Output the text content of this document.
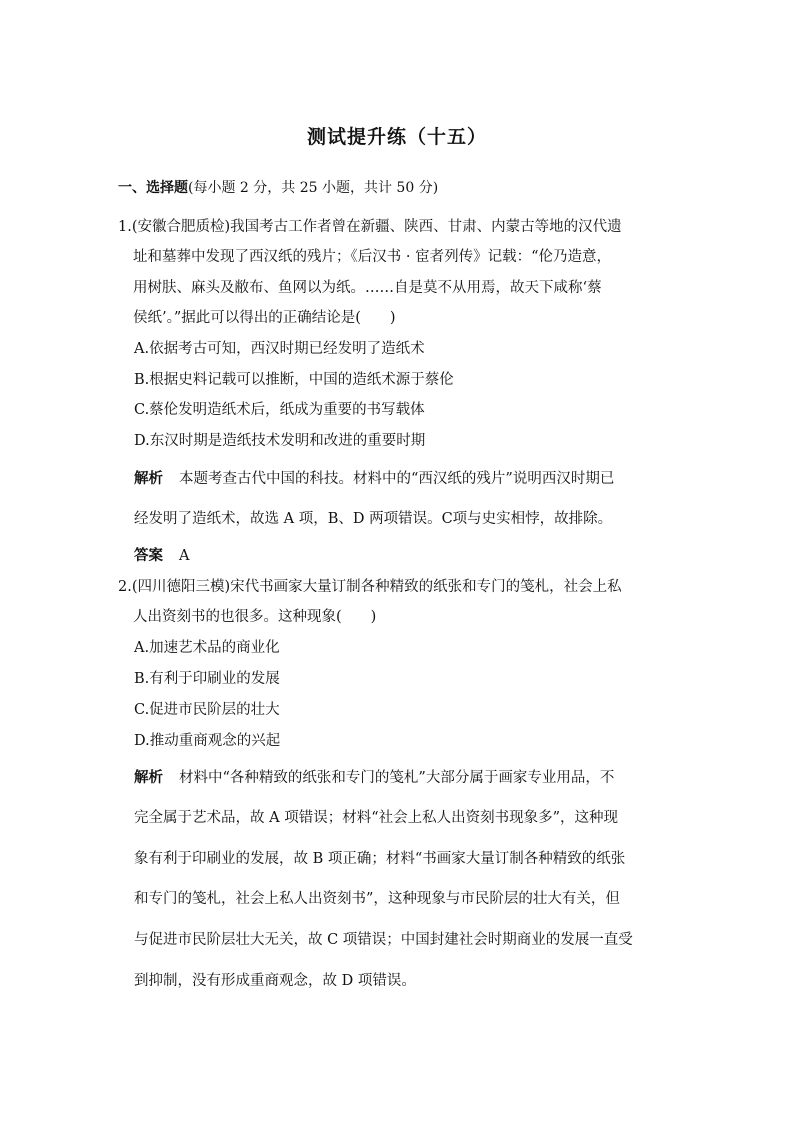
测试提升练（十五）
一、选择题(每小题 2 分，共 25 小题，共计 50 分)
1.(安徽合肥质检)我国考古工作者曾在新疆、陕西、甘肃、内蒙古等地的汉代遗
址和墓葬中发现了西汉纸的残片；《后汉书 · 宦者列传》记载：“伦乃造意，
用树肤、麻头及敝布、鱼网以为纸。……自是莫不从用焉，故天下咸称‘蔡
侯纸’。”据此可以得出的正确结论是(　　)
A.依据考古可知，西汉时期已经发明了造纸术
B.根据史料记载可以推断，中国的造纸术源于蔡伦
C.蔡伦发明造纸术后，纸成为重要的书写载体
D.东汉时期是造纸技术发明和改进的重要时期
解析 本题考查古代中国的科技。材料中的“西汉纸的残片”说明西汉时期已
经发明了造纸术，故选 A 项，B、D 两项错误。C项与史实相悖，故排除。
答案 A
2.(四川德阳三模)宋代书画家大量订制各种精致的纸张和专门的笺札，社会上私
人出资刻书的也很多。这种现象(　　)
A.加速艺术品的商业化
B.有利于印刷业的发展
C.促进市民阶层的壮大
D.推动重商观念的兴起
解析 材料中“各种精致的纸张和专门的笺札”大部分属于画家专业用品，不
完全属于艺术品，故 A 项错误；材料“社会上私人出资刻书现象多”，这种现
象有利于印刷业的发展，故 B 项正确；材料“书画家大量订制各种精致的纸张
和专门的笺札，社会上私人出资刻书”，这种现象与市民阶层的壮大有关，但
与促进市民阶层壮大无关，故 C 项错误；中国封建社会时期商业的发展一直受
到抑制，没有形成重商观念，故 D 项错误。
